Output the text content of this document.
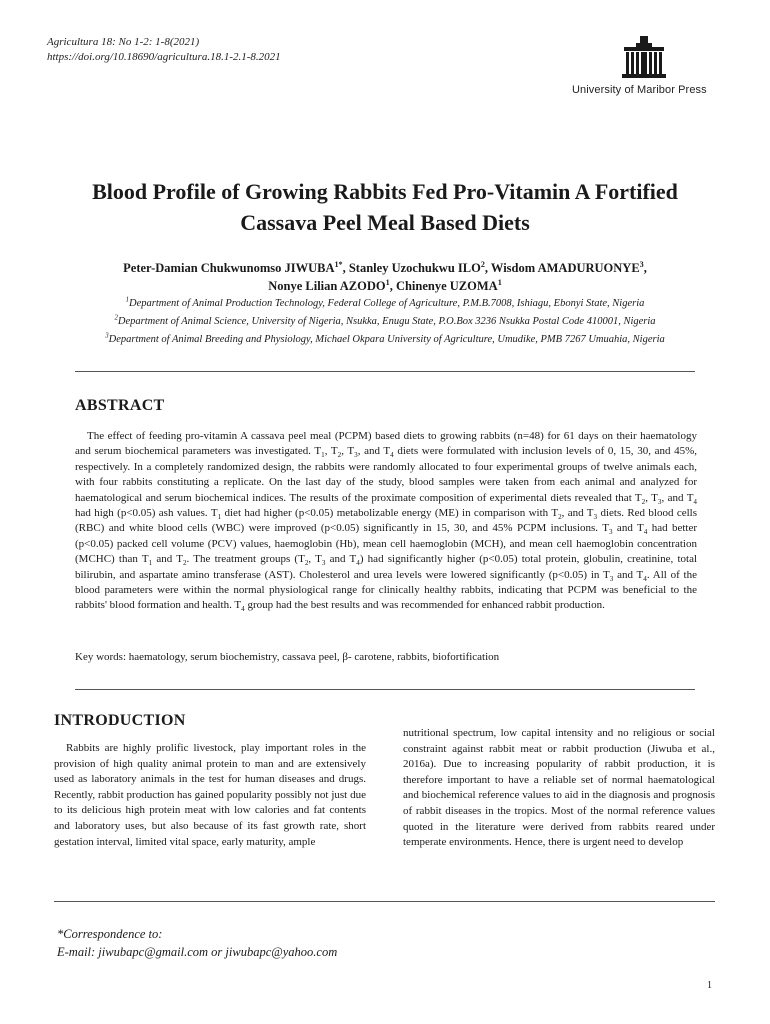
Agricultura 18: No 1-2: 1-8(2021)
https://doi.org/10.18690/agricultura.18.1-2.1-8.2021
University of Maribor Press
Blood Profile of Growing Rabbits Fed Pro-Vitamin A Fortified
Cassava Peel Meal Based Diets
Peter-Damian Chukwunomso $JIWUBA^{1*}$, Stanley Uzochukwu ILO$^2$, Wisdom AMADURUONYE$^3$,
Nonye Lilian AZODO$^1$, Chinenye UZOMA$^1$
$^1$Department of Animal Production Technology, Federal College of Agriculture, P.M.B.7008, Ishiagu, Ebonyi State, Nigeria
$^2$Department of Animal Science, University of Nigeria, Nsukka, Enugu State, P.O.Box 3236 Nsukka Postal Code 410001, Nigeria
$^3$Department of Animal Breeding and Physiology, Michael Okpara University of Agriculture, Umudike, PMB 7267 Umuahia, Nigeria
ABSTRACT

The effect of feeding pro-vitamin A cassava peel meal (PCPM) based diets to growing rabbits (n=48) for 61 days on their haematology and serum biochemical parameters was investigated. $T_1$, $T_2$, $T_3$, and $T_4$ diets were formulated with inclusion levels of 0, 15, 30, and 45%, respectively. In a completely randomized design, the rabbits were randomly allocated to four experimental groups of twelve animals each, with four rabbits constituting a replicate. On the last day of the study, blood samples were taken from each animal and analyzed for haematological and serum biochemical indices. The results of the proximate composition of experimental diets revealed that $T_2$, $T_3$, and $T_4$ had high (p<0.05) ash values. $T_1$ diet had higher (p<0.05) metabolizable energy (ME) in comparison with $T_2$, and $T_3$ diets. Red blood cells (RBC) and white blood cells (WBC) were improved (p<0.05) significantly in 15, 30, and 45% PCPM inclusions. $T_3$ and $T_4$ had better (p<0.05) packed cell volume (PCV) values, haemoglobin (Hb), mean cell haemoglobin (MCH), and mean cell haemoglobin concentration (MCHC) than $T_1$ and $T_2$. The treatment groups ($T_2$, $T_3$ and $T_4$) had significantly higher (p<0.05) total protein, globulin, creatinine, total bilirubin, and aspartate amino transferase (AST). Cholesterol and urea levels were lowered significantly (p<0.05) in $T_3$ and $T_4$. All of the blood parameters were within the normal physiological range for clinically healthy rabbits, indicating that PCPM was beneficial to the rabbits' blood formation and health. $T_4$ group had the best results and was recommended for enhanced rabbit production.

Key words: haematology, serum biochemistry, cassava peel, β- carotene, rabbits, biofortification
INTRODUCTION

Rabbits are highly prolific livestock, play important roles in the provision of high quality animal protein to man and are extensively used as laboratory animals in the test for human diseases and drugs. Recently, rabbit production has gained popularity possibly not just due to its delicious high protein meat with low calories and fat contents and laboratory uses, but also because of its fast growth rate, short gestation interval, limited vital space, early maturity, ample

nutritional spectrum, low capital intensity and no religious or social constraint against rabbit meat or rabbit production (Jiwuba et al., 2016a). Due to increasing popularity of rabbit production, it is therefore important to have a reliable set of normal haematological and biochemical reference values to aid in the diagnosis and prognosis of rabbit diseases in the tropics. Most of the normal reference values quoted in the literature were derived from rabbits reared under temperate environments. Hence, there is urgent need to develop

*Correspondence to:
E-mail: jiwubapc@gmail.com or jiwubapc@yahoo.com
1
